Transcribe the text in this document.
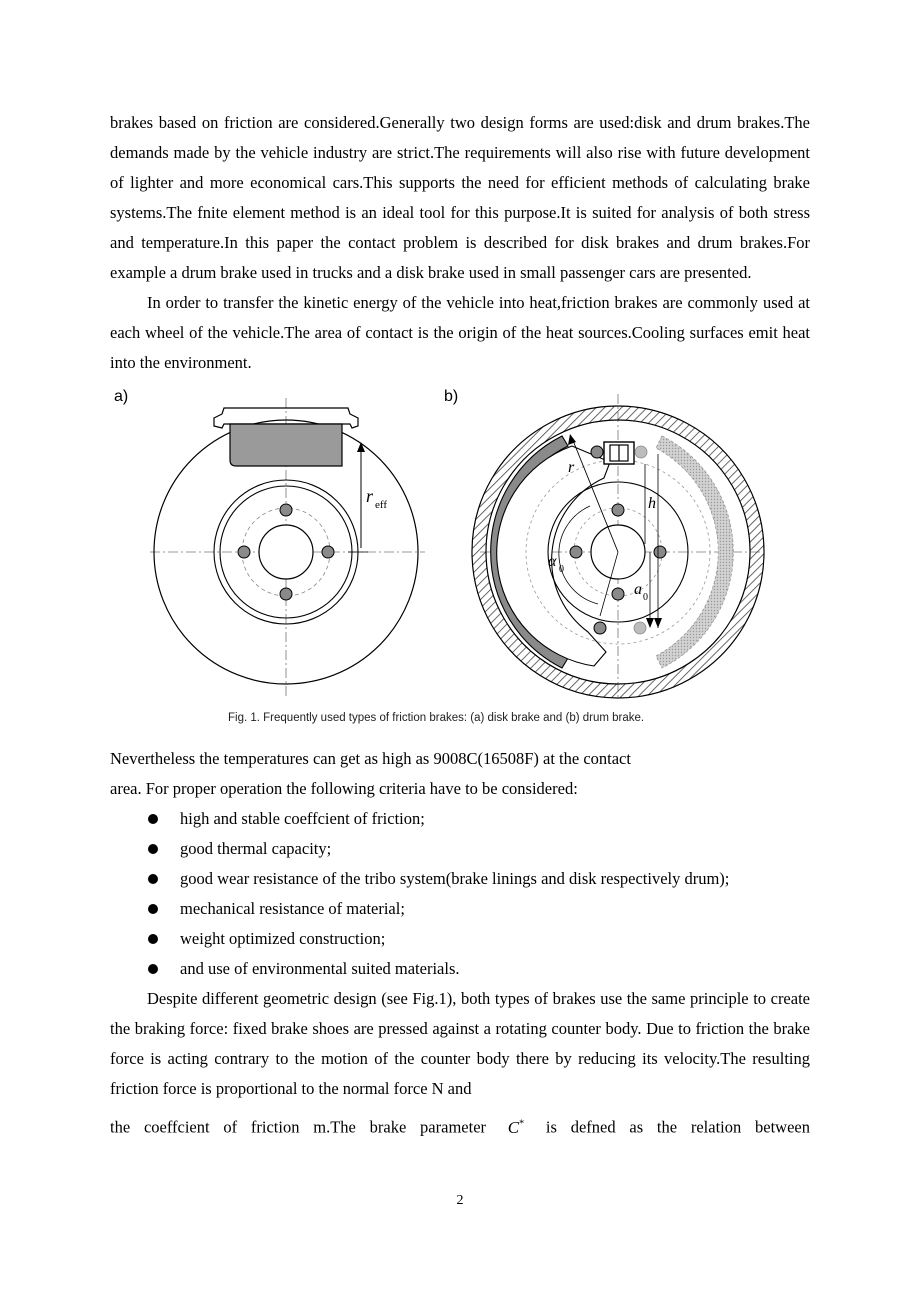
brakes based on friction are considered.Generally two design forms are used:disk and drum brakes.The demands made by the vehicle industry are strict.The requirements will also rise with future development of lighter and more economical cars.This supports the need for efficient methods of calculating brake systems.The fnite element method is an ideal tool for this purpose.It is suited for analysis of both stress and temperature.In this paper the contact problem is described for disk brakes and drum brakes.For example a drum brake used in trucks and a disk brake used in small passenger cars are presented.

In order to transfer the kinetic energy of the vehicle into heat,friction brakes are commonly used at each wheel of the vehicle.The area of contact is the origin of the heat sources.Cooling surfaces emit heat into the environment.

a)	b)
r eff
r
α 0
h
a 0
Fig. 1. Frequently used types of friction brakes: (a) disk brake and (b) drum brake.

Nevertheless the temperatures can get as high as 9008C(16508F) at the contact

area. For proper operation the following criteria have to be considered:

high and stable coeffcient of friction;
good thermal capacity;
good wear resistance of the tribo system(brake linings and disk respectively drum);
mechanical resistance of material;
weight optimized construction;
and use of environmental suited materials.

Despite different geometric design (see Fig.1), both types of brakes use the same principle to create the braking force: fixed brake shoes are pressed against a rotating counter body. Due to friction the brake force is acting contrary to the motion of the counter body there by reducing its velocity.The resulting friction force is proportional to the normal force N and

the coeffcient of friction m.The brake parameter C* is defned as the relation between

2
